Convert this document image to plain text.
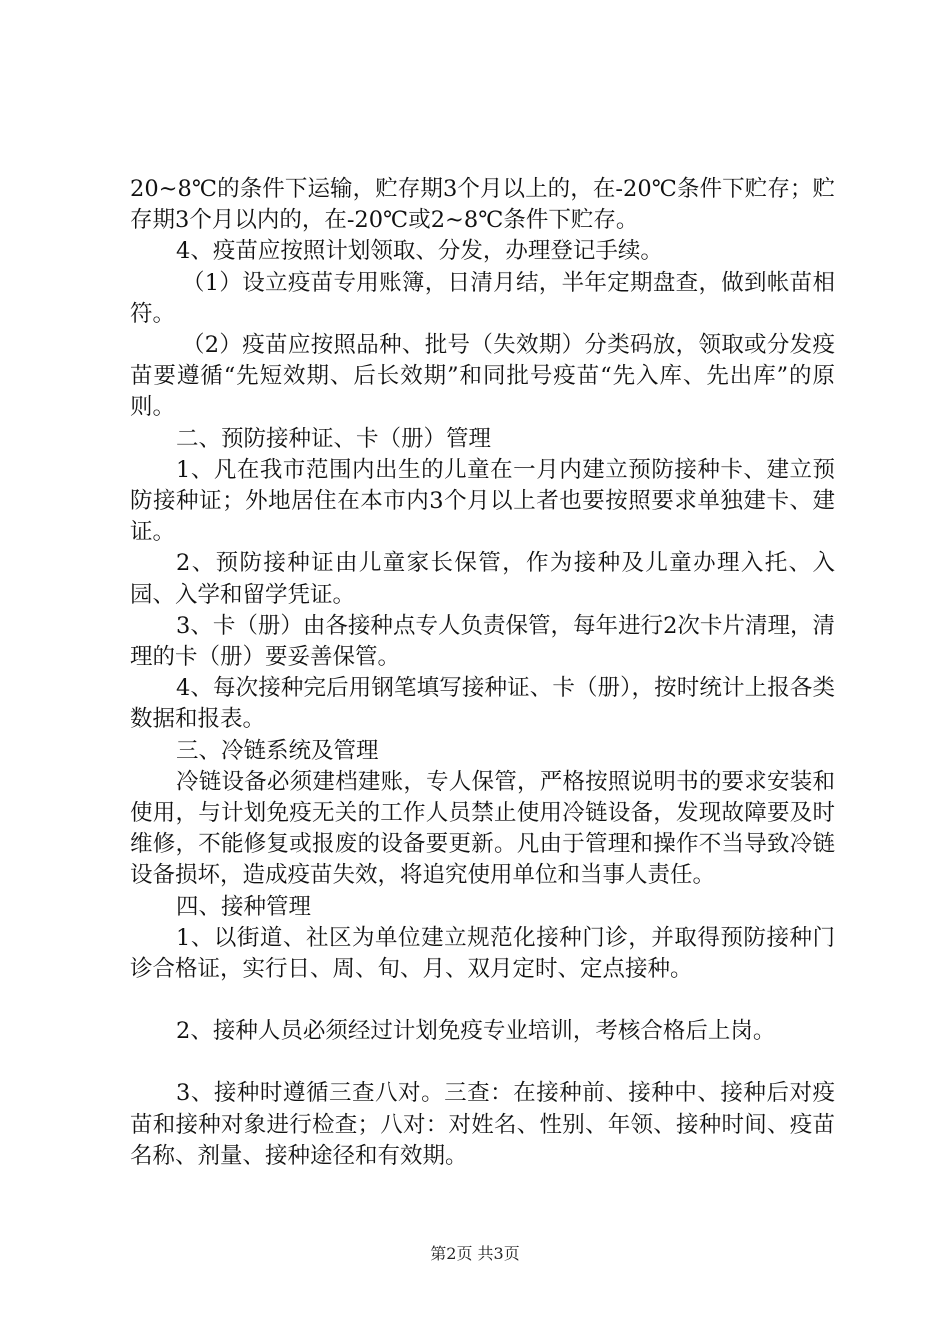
20~8℃的条件下运输，贮存期3个月以上的，在-20℃条件下贮存；贮存期3个月以内的，在-20℃或2~8℃条件下贮存。

4、疫苗应按照计划领取、分发，办理登记手续。

（1）设立疫苗专用账簿，日清月结，半年定期盘查，做到帐苗相符。

（2）疫苗应按照品种、批号（失效期）分类码放，领取或分发疫苗要遵循“先短效期、后长效期”和同批号疫苗“先入库、先出库”的原则。

二、预防接种证、卡（册）管理

1、凡在我市范围内出生的儿童在一月内建立预防接种卡、建立预防接种证；外地居住在本市内3个月以上者也要按照要求单独建卡、建证。

2、预防接种证由儿童家长保管，作为接种及儿童办理入托、入园、入学和留学凭证。

3、卡（册）由各接种点专人负责保管，每年进行2次卡片清理，清理的卡（册）要妥善保管。

4、每次接种完后用钢笔填写接种证、卡（册），按时统计上报各类数据和报表。

三、冷链系统及管理

冷链设备必须建档建账，专人保管，严格按照说明书的要求安装和使用，与计划免疫无关的工作人员禁止使用冷链设备，发现故障要及时维修，不能修复或报废的设备要更新。凡由于管理和操作不当导致冷链设备损坏，造成疫苗失效，将追究使用单位和当事人责任。

四、接种管理

1、以街道、社区为单位建立规范化接种门诊，并取得预防接种门诊合格证，实行日、周、旬、月、双月定时、定点接种。

2、接种人员必须经过计划免疫专业培训，考核合格后上岗。

3、接种时遵循三查八对。三查：在接种前、接种中、接种后对疫苗和接种对象进行检查；八对：对姓名、性别、年领、接种时间、疫苗名称、剂量、接种途径和有效期。

第2页 共3页
